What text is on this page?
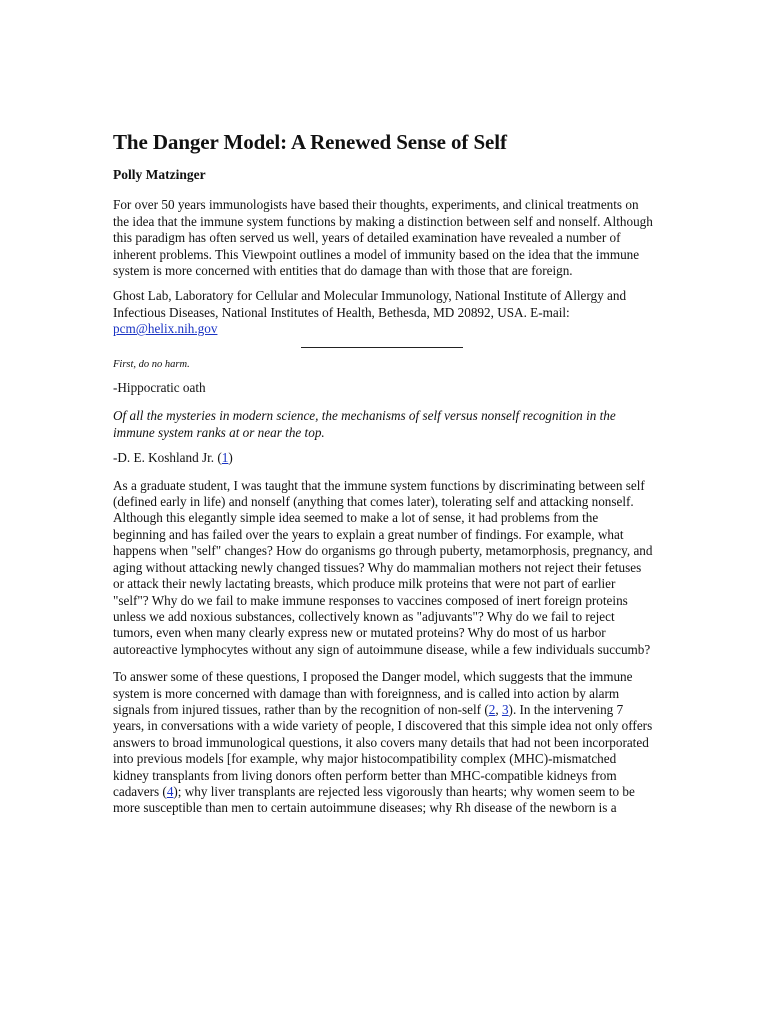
The Danger Model: A Renewed Sense of Self
Polly Matzinger

For over 50 years immunologists have based their thoughts, experiments, and clinical treatments on the idea that the immune system functions by making a distinction between self and nonself. Although this paradigm has often served us well, years of detailed examination have revealed a number of inherent problems. This Viewpoint outlines a model of immunity based on the idea that the immune system is more concerned with entities that do damage than with those that are foreign.

Ghost Lab, Laboratory for Cellular and Molecular Immunology, National Institute of Allergy and Infectious Diseases, National Institutes of Health, Bethesda, MD 20892, USA. E-mail: pcm@helix.nih.gov

First, do no harm.

-Hippocratic oath

Of all the mysteries in modern science, the mechanisms of self versus nonself recognition in the immune system ranks at or near the top.

-D. E. Koshland Jr. (1)

As a graduate student, I was taught that the immune system functions by discriminating between self (defined early in life) and nonself (anything that comes later), tolerating self and attacking nonself. Although this elegantly simple idea seemed to make a lot of sense, it had problems from the beginning and has failed over the years to explain a great number of findings. For example, what happens when "self" changes? How do organisms go through puberty, metamorphosis, pregnancy, and aging without attacking newly changed tissues? Why do mammalian mothers not reject their fetuses or attack their newly lactating breasts, which produce milk proteins that were not part of earlier "self"? Why do we fail to make immune responses to vaccines composed of inert foreign proteins unless we add noxious substances, collectively known as "adjuvants"? Why do we fail to reject tumors, even when many clearly express new or mutated proteins? Why do most of us harbor autoreactive lymphocytes without any sign of autoimmune disease, while a few individuals succumb?

To answer some of these questions, I proposed the Danger model, which suggests that the immune system is more concerned with damage than with foreignness, and is called into action by alarm signals from injured tissues, rather than by the recognition of non-self (2, 3). In the intervening 7 years, in conversations with a wide variety of people, I discovered that this simple idea not only offers answers to broad immunological questions, it also covers many details that had not been incorporated into previous models [for example, why major histocompatibility complex (MHC)-mismatched kidney transplants from living donors often perform better than MHC-compatible kidneys from cadavers (4); why liver transplants are rejected less vigorously than hearts; why women seem to be more susceptible than men to certain autoimmune diseases; why Rh disease of the newborn is a
